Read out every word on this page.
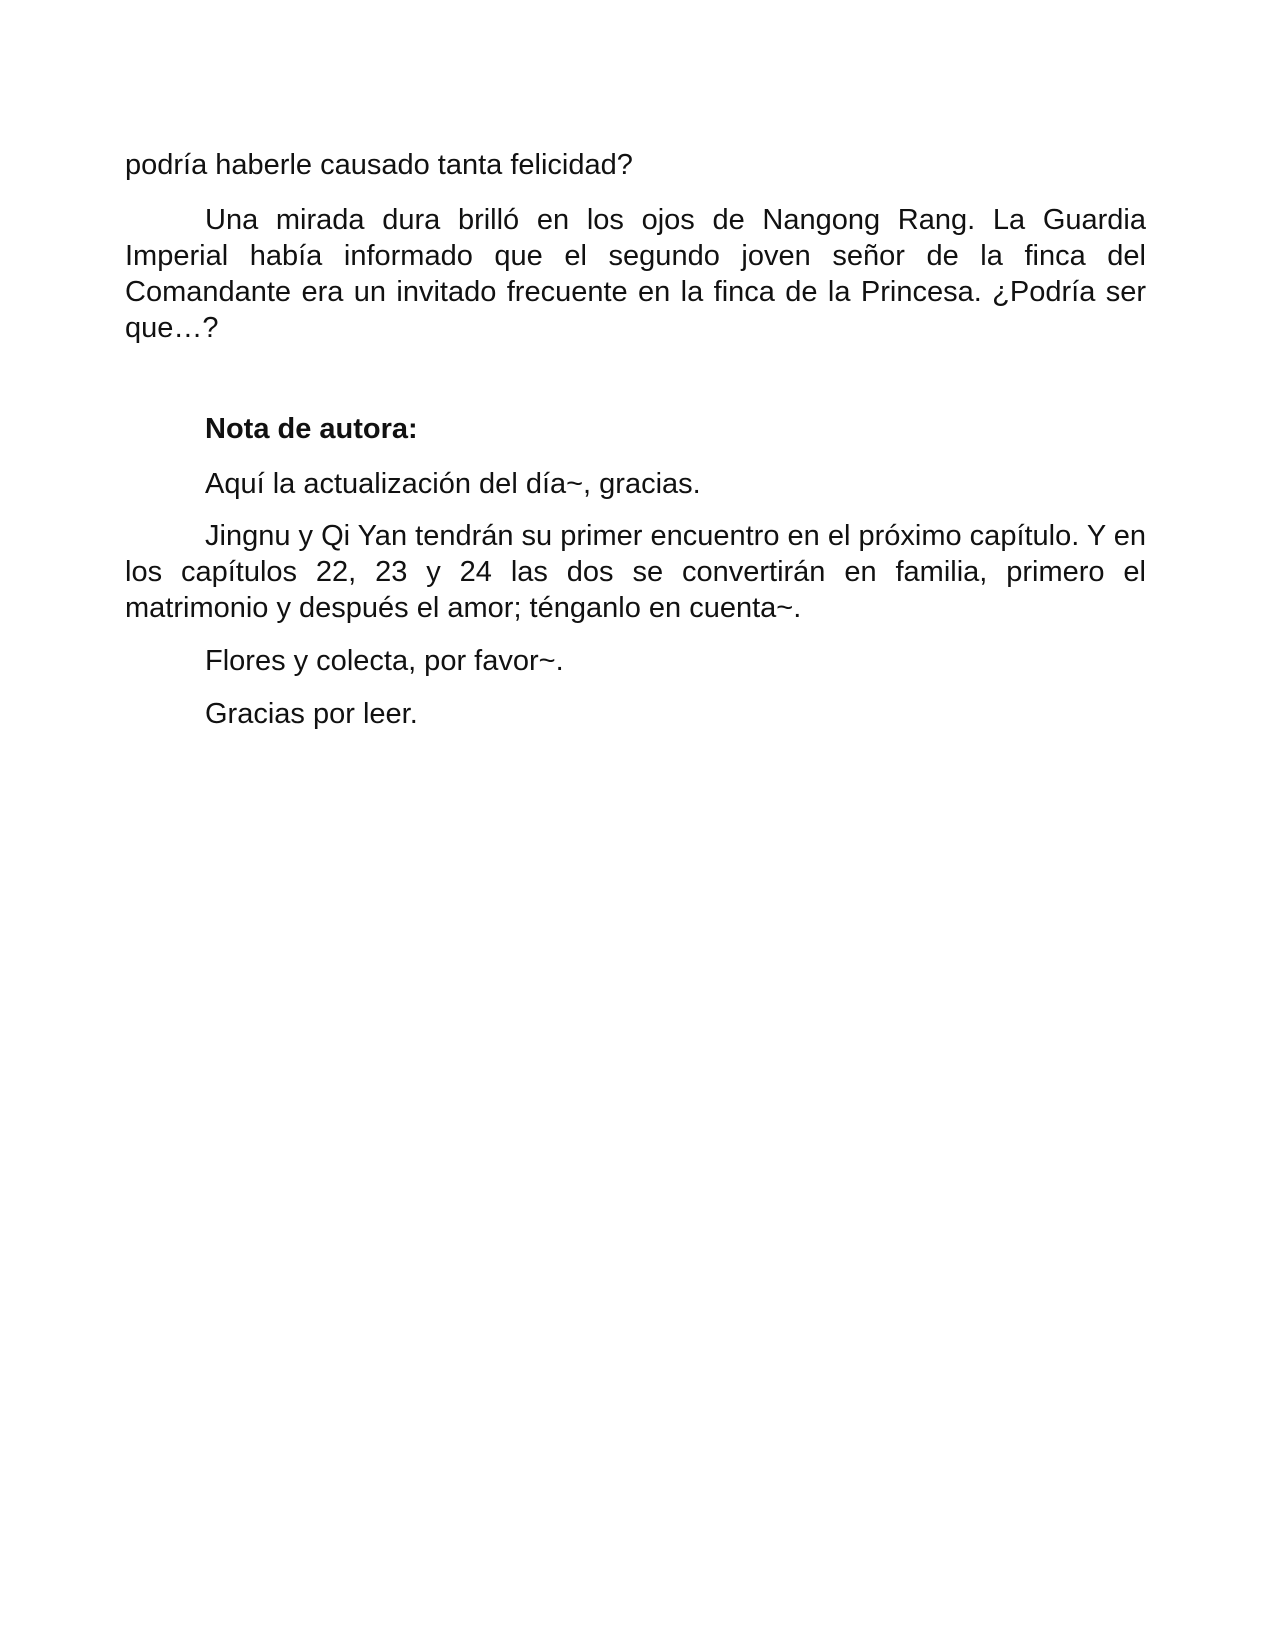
podría haberle causado tanta felicidad?

Una mirada dura brilló en los ojos de Nangong Rang. La Guardia Imperial había informado que el segundo joven señor de la finca del Comandante era un invitado frecuente en la finca de la Princesa. ¿Podría ser que…?

Nota de autora:

Aquí la actualización del día~, gracias.

Jingnu y Qi Yan tendrán su primer encuentro en el próximo capítulo. Y en los capítulos 22, 23 y 24 las dos se convertirán en familia, primero el matrimonio y después el amor; ténganlo en cuenta~.

Flores y colecta, por favor~.

Gracias por leer.
